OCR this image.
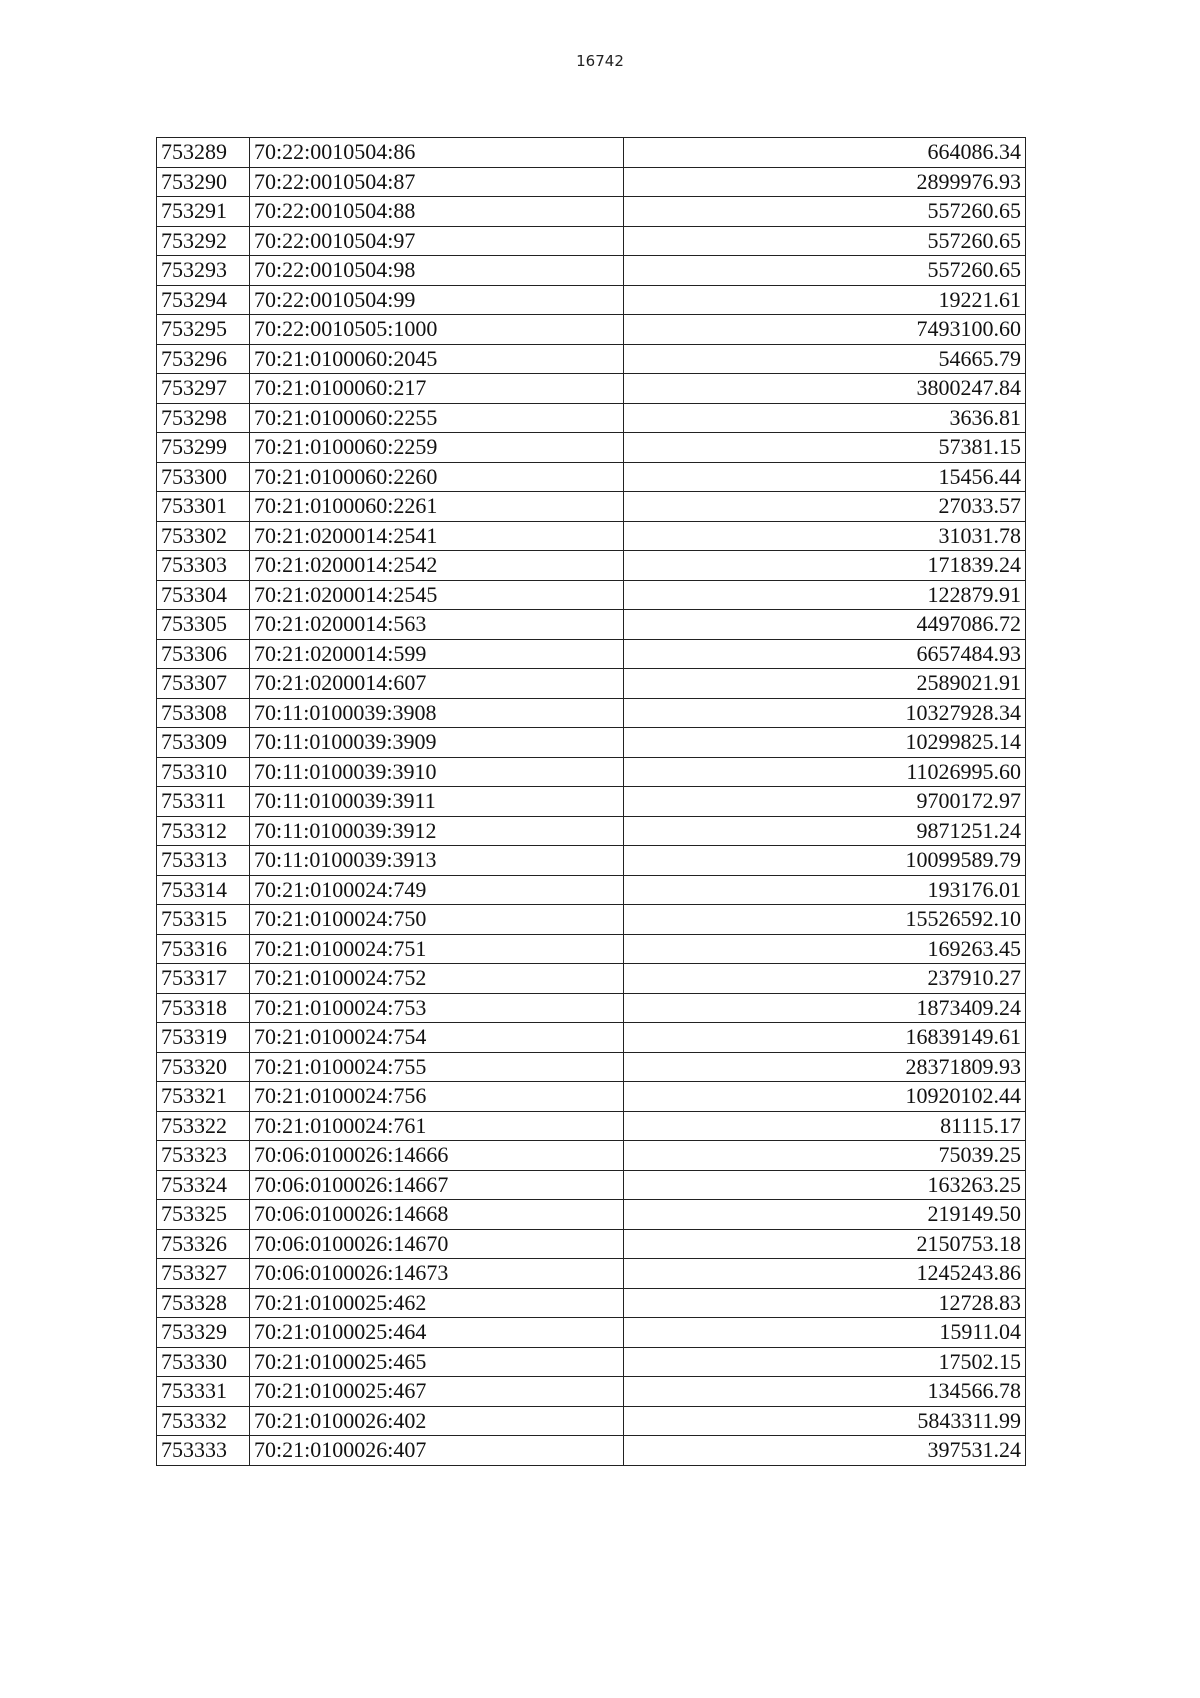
16742
753289	70:22:0010504:86	664086.34
753290	70:22:0010504:87	2899976.93
753291	70:22:0010504:88	557260.65
753292	70:22:0010504:97	557260.65
753293	70:22:0010504:98	557260.65
753294	70:22:0010504:99	19221.61
753295	70:22:0010505:1000	7493100.60
753296	70:21:0100060:2045	54665.79
753297	70:21:0100060:217	3800247.84
753298	70:21:0100060:2255	3636.81
753299	70:21:0100060:2259	57381.15
753300	70:21:0100060:2260	15456.44
753301	70:21:0100060:2261	27033.57
753302	70:21:0200014:2541	31031.78
753303	70:21:0200014:2542	171839.24
753304	70:21:0200014:2545	122879.91
753305	70:21:0200014:563	4497086.72
753306	70:21:0200014:599	6657484.93
753307	70:21:0200014:607	2589021.91
753308	70:11:0100039:3908	10327928.34
753309	70:11:0100039:3909	10299825.14
753310	70:11:0100039:3910	11026995.60
753311	70:11:0100039:3911	9700172.97
753312	70:11:0100039:3912	9871251.24
753313	70:11:0100039:3913	10099589.79
753314	70:21:0100024:749	193176.01
753315	70:21:0100024:750	15526592.10
753316	70:21:0100024:751	169263.45
753317	70:21:0100024:752	237910.27
753318	70:21:0100024:753	1873409.24
753319	70:21:0100024:754	16839149.61
753320	70:21:0100024:755	28371809.93
753321	70:21:0100024:756	10920102.44
753322	70:21:0100024:761	81115.17
753323	70:06:0100026:14666	75039.25
753324	70:06:0100026:14667	163263.25
753325	70:06:0100026:14668	219149.50
753326	70:06:0100026:14670	2150753.18
753327	70:06:0100026:14673	1245243.86
753328	70:21:0100025:462	12728.83
753329	70:21:0100025:464	15911.04
753330	70:21:0100025:465	17502.15
753331	70:21:0100025:467	134566.78
753332	70:21:0100026:402	5843311.99
753333	70:21:0100026:407	397531.24
